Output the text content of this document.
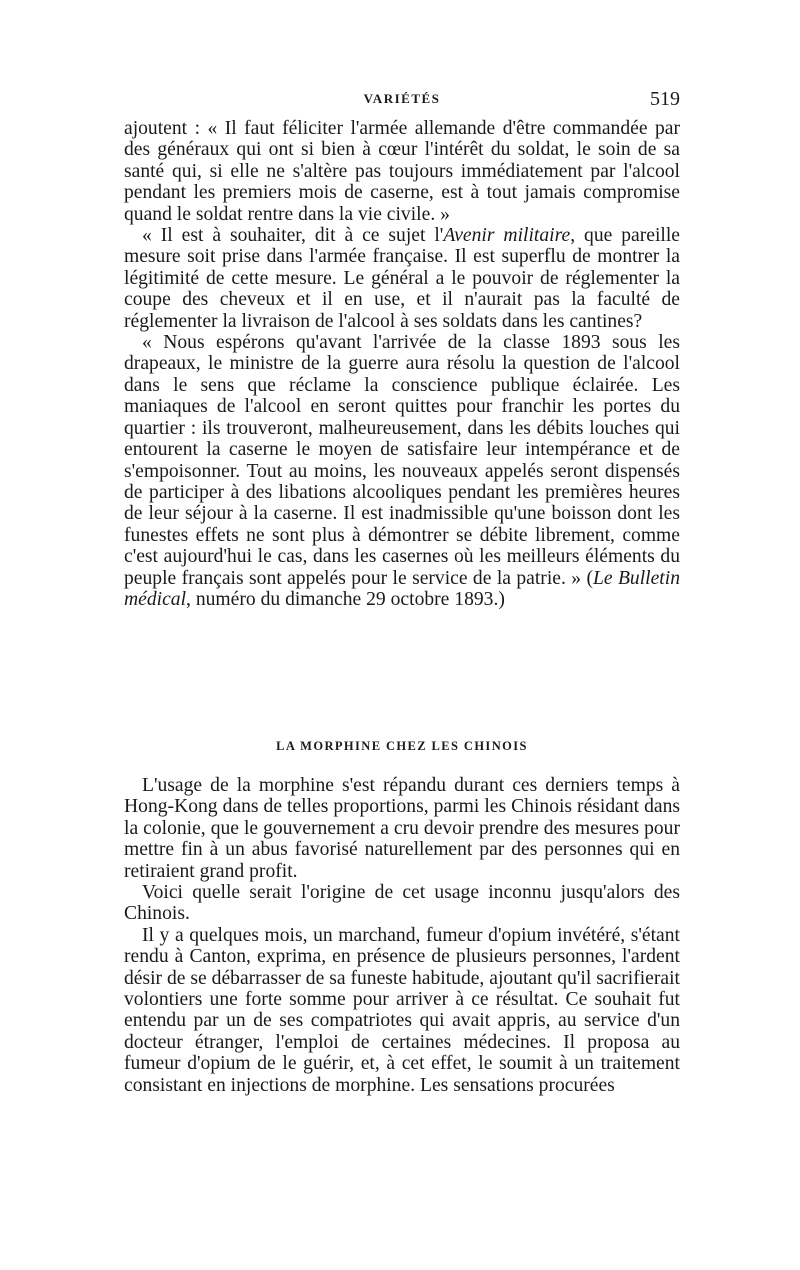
VARIÉTÉS	519

ajoutent : « Il faut féliciter l'armée allemande d'être commandée par des généraux qui ont si bien à cœur l'intérêt du soldat, le soin de sa santé qui, si elle ne s'altère pas toujours immédiatement par l'alcool pendant les premiers mois de caserne, est à tout jamais compromise quand le soldat rentre dans la vie civile. »

« Il est à souhaiter, dit à ce sujet l'Avenir militaire, que pareille mesure soit prise dans l'armée française. Il est superflu de montrer la légitimité de cette mesure. Le général a le pouvoir de réglementer la coupe des cheveux et il en use, et il n'aurait pas la faculté de réglementer la livraison de l'alcool à ses soldats dans les cantines?

« Nous espérons qu'avant l'arrivée de la classe 1893 sous les drapeaux, le ministre de la guerre aura résolu la question de l'alcool dans le sens que réclame la conscience publique éclairée. Les maniaques de l'alcool en seront quittes pour franchir les portes du quartier : ils trouveront, malheureusement, dans les débits louches qui entourent la caserne le moyen de satisfaire leur intempérance et de s'empoisonner. Tout au moins, les nouveaux appelés seront dispensés de participer à des libations alcooliques pendant les premières heures de leur séjour à la caserne. Il est inadmissible qu'une boisson dont les funestes effets ne sont plus à démontrer se débite librement, comme c'est aujourd'hui le cas, dans les casernes où les meilleurs éléments du peuple français sont appelés pour le service de la patrie. » (Le Bulletin médical, numéro du dimanche 29 octobre 1893.)

LA MORPHINE CHEZ LES CHINOIS

L'usage de la morphine s'est répandu durant ces derniers temps à Hong-Kong dans de telles proportions, parmi les Chinois résidant dans la colonie, que le gouvernement a cru devoir prendre des mesures pour mettre fin à un abus favorisé naturellement par des personnes qui en retiraient grand profit.

Voici quelle serait l'origine de cet usage inconnu jusqu'alors des Chinois.

Il y a quelques mois, un marchand, fumeur d'opium invétéré, s'étant rendu à Canton, exprima, en présence de plusieurs personnes, l'ardent désir de se débarrasser de sa funeste habitude, ajoutant qu'il sacrifierait volontiers une forte somme pour arriver à ce résultat. Ce souhait fut entendu par un de ses compatriotes qui avait appris, au service d'un docteur étranger, l'emploi de certaines médecines. Il proposa au fumeur d'opium de le guérir, et, à cet effet, le soumit à un traitement consistant en injections de morphine. Les sensations procurées
